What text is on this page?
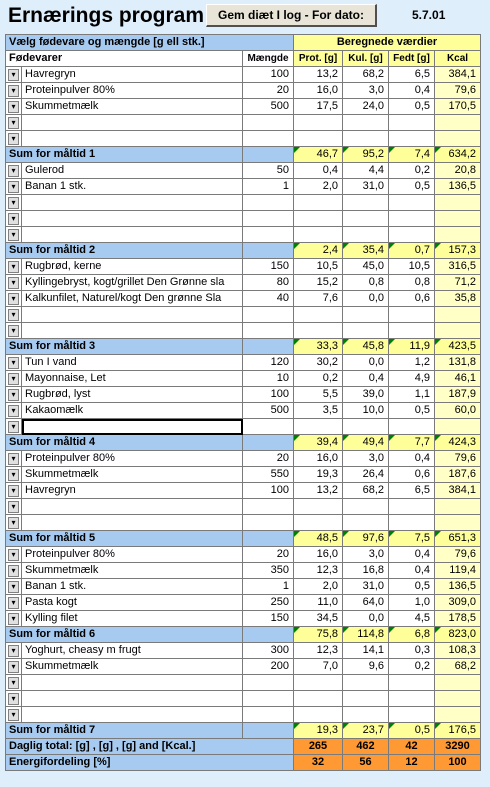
Ernærings program	Gem diæt I log - For dato:	5.7.01
Vælg fødevare og mængde [g ell stk.]			Beregnede værdier			
Fødevarer		Mængde	Prot. [g]	Kul. [g]	Fedt [g]	Kcal
▾	Havregryn	100	13,2	68,2	6,5	384,1
▾	Proteinpulver 80%	20	16,0	3,0	0,4	79,6
▾	Skummetmælk	500	17,5	24,0	0,5	170,5
▾						
▾						
Sum for måltid 1			46,7	95,2	7,4	634,2
▾	Gulerod	50	0,4	4,4	0,2	20,8
▾	Banan 1 stk.	1	2,0	31,0	0,5	136,5
▾						
▾						
▾						
Sum for måltid 2			2,4	35,4	0,7	157,3
▾	Rugbrød, kerne	150	10,5	45,0	10,5	316,5
▾	Kyllingebryst, kogt/grillet Den Grønne sla	80	15,2	0,8	0,8	71,2
▾	Kalkunfilet, Naturel/kogt Den grønne Sla	40	7,6	0,0	0,6	35,8
▾						
▾						
Sum for måltid 3			33,3	45,8	11,9	423,5
▾	Tun I vand	120	30,2	0,0	1,2	131,8
▾	Mayonnaise, Let	10	0,2	0,4	4,9	46,1
▾	Rugbrød, lyst	100	5,5	39,0	1,1	187,9
▾	Kakaomælk	500	3,5	10,0	0,5	60,0
▾						
Sum for måltid 4			39,4	49,4	7,7	424,3
▾	Proteinpulver 80%	20	16,0	3,0	0,4	79,6
▾	Skummetmælk	550	19,3	26,4	0,6	187,6
▾	Havregryn	100	13,2	68,2	6,5	384,1
▾						
▾						
Sum for måltid 5			48,5	97,6	7,5	651,3
▾	Proteinpulver 80%	20	16,0	3,0	0,4	79,6
▾	Skummetmælk	350	12,3	16,8	0,4	119,4
▾	Banan 1 stk.	1	2,0	31,0	0,5	136,5
▾	Pasta kogt	250	11,0	64,0	1,0	309,0
▾	Kylling filet	150	34,5	0,0	4,5	178,5
Sum for måltid 6			75,8	114,8	6,8	823,0
▾	Yoghurt, cheasy m frugt	300	12,3	14,1	0,3	108,3
▾	Skummetmælk	200	7,0	9,6	0,2	68,2
▾						
▾						
▾						
Sum for måltid 7			19,3	23,7	0,5	176,5
Daglig total: [g] , [g] , [g] and [Kcal.]			265	462	42	3290
Energifordeling [%]			32	56	12	100
